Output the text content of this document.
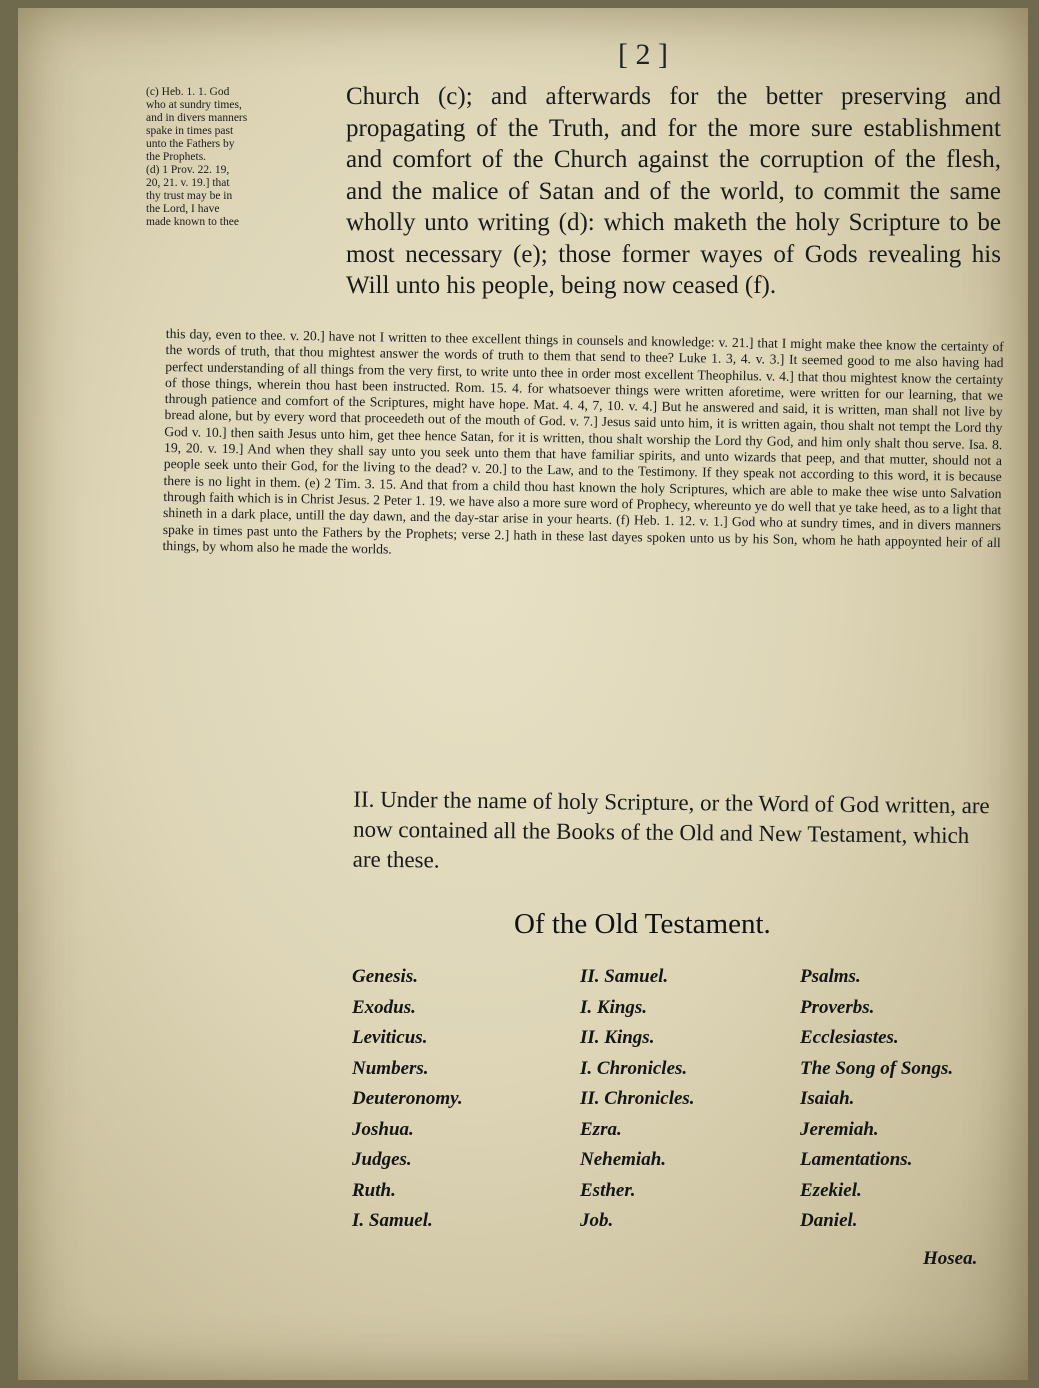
[ 2 ]

(c) Heb. 1. 1. God

who at sundry times,

and in divers manners

spake in times past

unto the Fathers by

the Prophets.

(d) 1 Prov. 22. 19,

20, 21. v. 19.] that

thy trust may be in

the Lord, I have

made known to thee

Church (c); and afterwards for the better preserving and propagating of the Truth, and for the more sure establishment and comfort of the Church against the corruption of the flesh, and the malice of Satan and of the world, to commit the same wholly unto writing (d): which maketh the holy Scripture to be most necessary (e); those former wayes of Gods revealing his Will unto his people, being now ceased (f).
this day, even to thee. v. 20.] have not I written to thee excellent things in counsels and knowledge: v. 21.] that I might make thee know the certainty of the words of truth, that thou mightest answer the words of truth to them that send to thee? Luke 1. 3, 4. v. 3.] It seemed good to me also having had perfect understanding of all things from the very first, to write unto thee in order most excellent Theophilus. v. 4.] that thou mightest know the certainty of those things, wherein thou hast been instructed. Rom. 15. 4. for whatsoever things were written aforetime, were written for our learning, that we through patience and comfort of the Scriptures, might have hope. Mat. 4. 4, 7, 10. v. 4.] But he answered and said, it is written, man shall not live by bread alone, but by every word that proceedeth out of the mouth of God. v. 7.] Jesus said unto him, it is written again, thou shalt not tempt the Lord thy God v. 10.] then saith Jesus unto him, get thee hence Satan, for it is written, thou shalt worship the Lord thy God, and him only shalt thou serve. Isa. 8. 19, 20. v. 19.] And when they shall say unto you seek unto them that have familiar spirits, and unto wizards that peep, and that mutter, should not a people seek unto their God, for the living to the dead? v. 20.] to the Law, and to the Testimony. If they speak not according to this word, it is because there is no light in them. (e) 2 Tim. 3. 15. And that from a child thou hast known the holy Scriptures, which are able to make thee wise unto Salvation through faith which is in Christ Jesus. 2 Peter 1. 19. we have also a more sure word of Prophecy, whereunto ye do well that ye take heed, as to a light that shineth in a dark place, untill the day dawn, and the day-star arise in your hearts. (f) Heb. 1. 12. v. 1.] God who at sundry times, and in divers manners spake in times past unto the Fathers by the Prophets; verse 2.] hath in these last dayes spoken unto us by his Son, whom he hath appoynted heir of all things, by whom also he made the worlds.
II. Under the name of holy Scripture, or the Word of God written, are now contained all the Books of the Old and New Testament, which are these.
Of the Old Testament.
Genesis.
Exodus.
Leviticus.
Numbers.
Deuteronomy.
Joshua.
Judges.
Ruth.
I. Samuel.
II. Samuel.
I. Kings.
II. Kings.
I. Chronicles.
II. Chronicles.
Ezra.
Nehemiah.
Esther.
Job.
Psalms.
Proverbs.
Ecclesiastes.
The Song of Songs.
Isaiah.
Jeremiah.
Lamentations.
Ezekiel.
Daniel.
Hosea.
